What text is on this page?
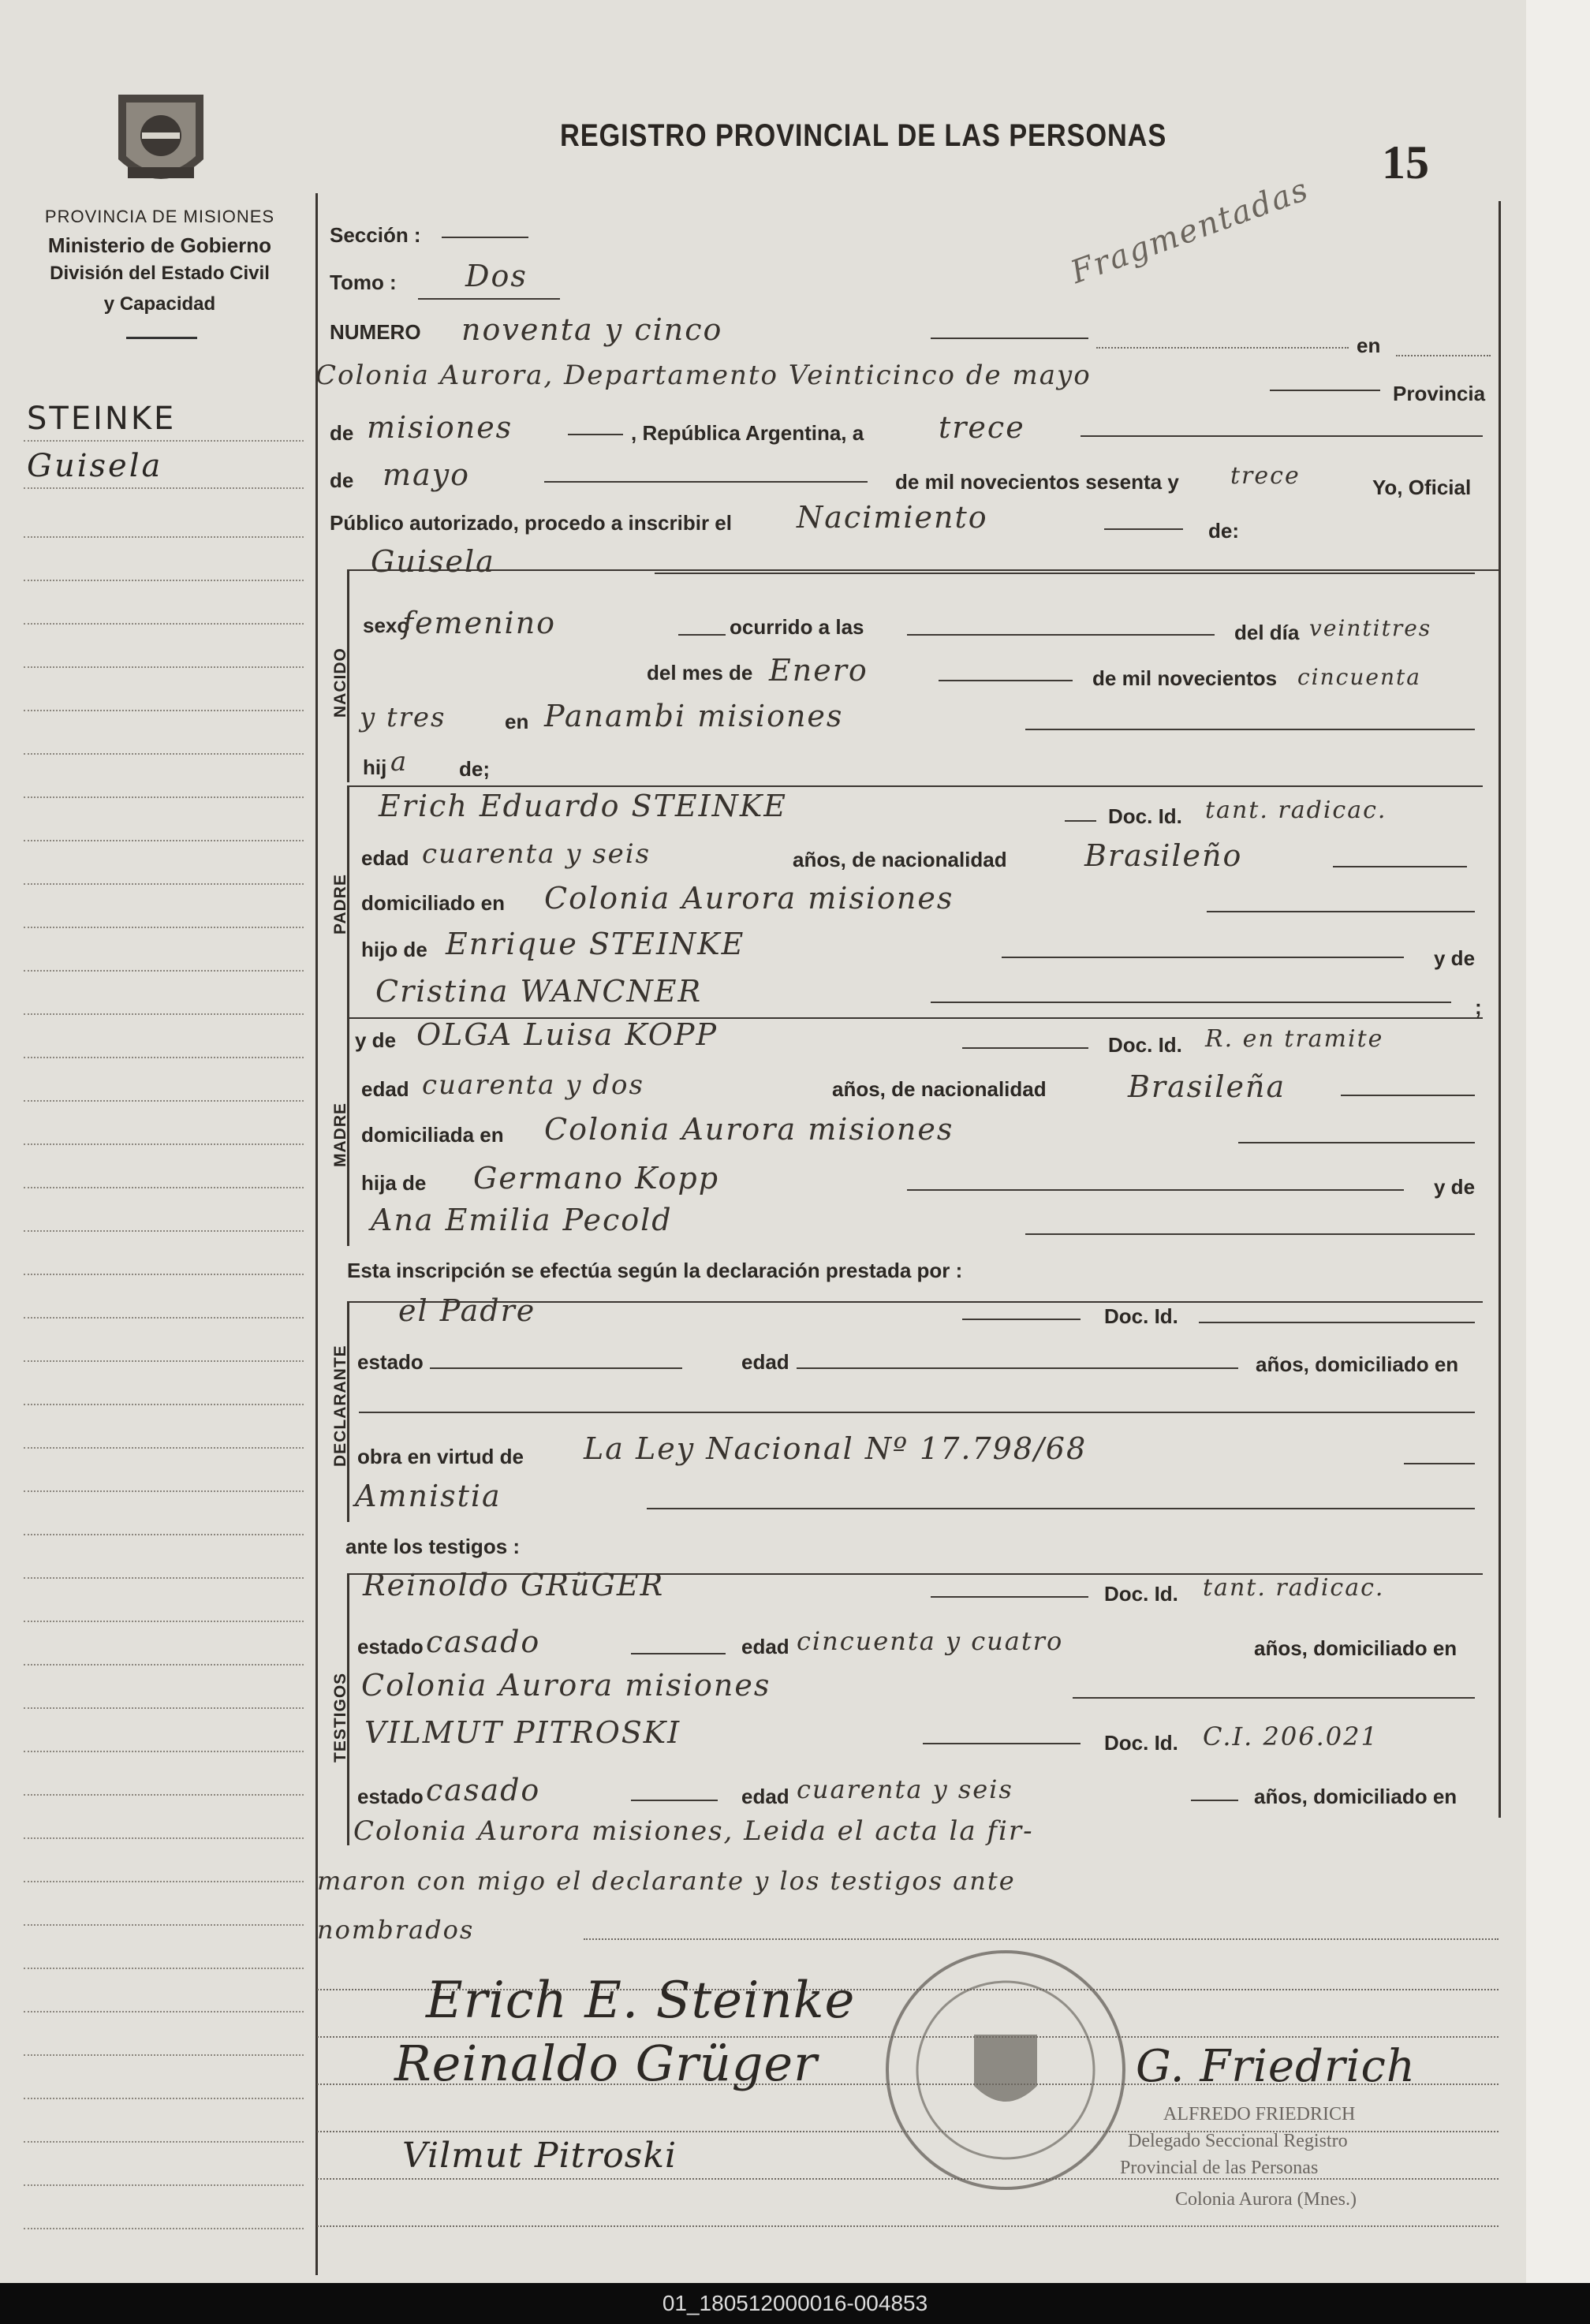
PROVINCIA DE MISIONES
Ministerio de Gobierno
División del Estado Civil
y Capacidad
REGISTRO PROVINCIAL DE LAS PERSONAS
15
Fragmentadas
STEINKE
Guisela
Sección :
Tomo : Dos
NUMERO noventa y cinco	en
Colonia Aurora, Departamento Veinticinco de mayo
Provincia
de misiones	, República Argentina, a trece
de mayo	de mil novecientos sesenta y trece	Yo, Oficial
Público autorizado, procedo a inscribir el Nacimiento	de:
NACIDO
Guisela
sexo
femenino	ocurrido a las	del día veintitres
del mes de Enero	de mil novecientos cincuenta
y tres	en Panambi misiones
hij a de;
PADRE
Erich Eduardo STEINKE	Doc. Id. tant. radicac.
edad cuarenta y seis	años, de nacionalidad	Brasileño
domiciliado en Colonia Aurora misiones
hijo de Enrique STEINKE	y de
Cristina WANCNER	;
MADRE
y de OLGA Luisa KOPP	Doc. Id. R. en tramite
edad cuarenta y dos	años, de nacionalidad	Brasileña
domiciliada en Colonia Aurora misiones
hija de Germano Kopp	y de
Ana Emilia Pecold
Esta inscripción se efectúa según la declaración prestada por :
DECLARANTE
el Padre	Doc. Id.
estado	edad	años, domiciliado en
obra en virtud de La Ley Nacional Nº 17.798/68
Amnistia
ante los testigos :
TESTIGOS
Reinoldo GRüGER	Doc. Id. tant. radicac.
estado casado	edad cincuenta y cuatro	años, domiciliado en
Colonia Aurora misiones
VILMUT PITROSKI	Doc. Id. C.I. 206.021
estado casado	edad cuarenta y seis	años, domiciliado en
Colonia Aurora misiones, Leida el acta la fir-
maron con migo el declarante y los testigos ante
nombrados
Erich E. Steinke
Reinaldo Grüger	G. Friedrich
Vilmut Pitroski
ALFREDO FRIEDRICH
Delegado Seccional Registro
Provincial de las Personas
Colonia Aurora (Mnes.)
01_180512000016-004853
